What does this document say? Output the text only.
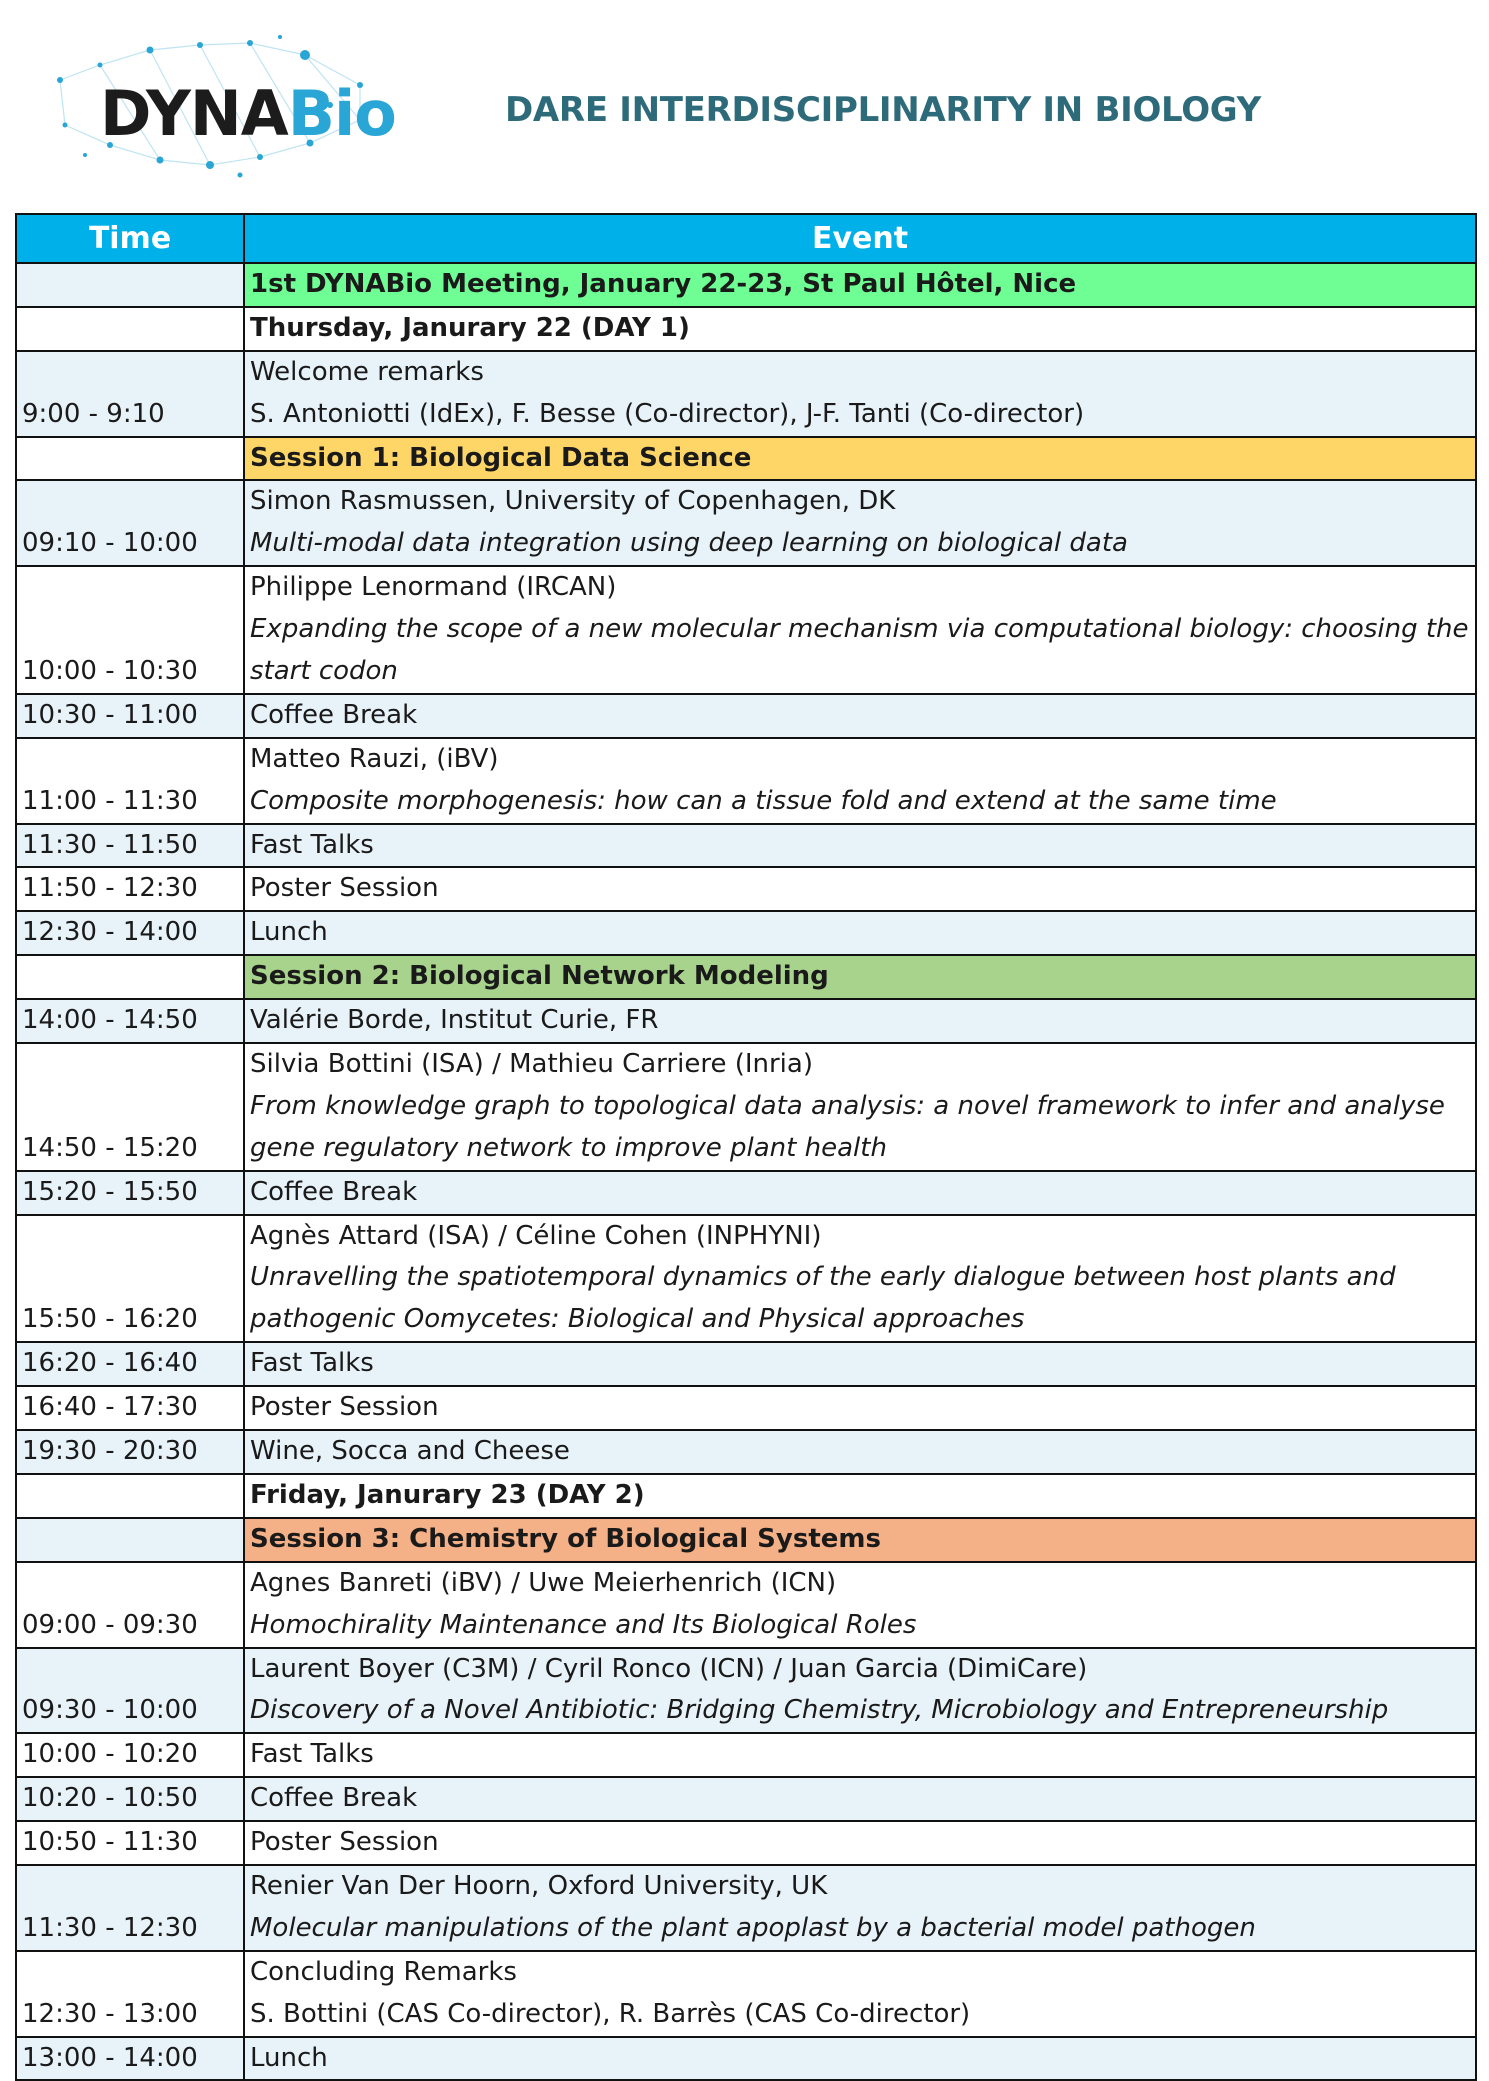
DYNABio	DARE INTERDISCIPLINARITY IN BIOLOGY
Time	Event

	1st DYNABio Meeting, January 22-23, St Paul Hôtel, Nice

	Thursday, Janurary 22 (DAY 1)

9:00 - 9:10	Welcome remarks
S. Antoniotti (IdEx), F. Besse (Co-director), J-F. Tanti (Co-director)

	Session 1: Biological Data Science

09:10 - 10:00	Simon Rasmussen, University of Copenhagen, DK
Multi-modal data integration using deep learning on biological data

10:00 - 10:30	Philippe Lenormand (IRCAN)
Expanding the scope of a new molecular mechanism via computational biology: choosing the
start codon

10:30 - 11:00	Coffee Break

11:00 - 11:30	Matteo Rauzi, (iBV)
Composite morphogenesis: how can a tissue fold and extend at the same time

11:30 - 11:50	Fast Talks

11:50 - 12:30	Poster Session

12:30 - 14:00	Lunch

	Session 2: Biological Network Modeling

14:00 - 14:50	Valérie Borde, Institut Curie, FR

14:50 - 15:20	Silvia Bottini (ISA) / Mathieu Carriere (Inria)
From knowledge graph to topological data analysis: a novel framework to infer and analyse
gene regulatory network to improve plant health

15:20 - 15:50	Coffee Break

15:50 - 16:20	Agnès Attard (ISA) / Céline Cohen (INPHYNI)
Unravelling the spatiotemporal dynamics of the early dialogue between host plants and
pathogenic Oomycetes: Biological and Physical approaches

16:20 - 16:40	Fast Talks

16:40 - 17:30	Poster Session

19:30 - 20:30	Wine, Socca and Cheese

	Friday, Janurary 23 (DAY 2)

	Session 3: Chemistry of Biological Systems

09:00 - 09:30	Agnes Banreti (iBV) / Uwe Meierhenrich (ICN)
Homochirality Maintenance and Its Biological Roles

09:30 - 10:00	Laurent Boyer (C3M) / Cyril Ronco (ICN) / Juan Garcia (DimiCare)
Discovery of a Novel Antibiotic: Bridging Chemistry, Microbiology and Entrepreneurship

10:00 - 10:20	Fast Talks

10:20 - 10:50	Coffee Break

10:50 - 11:30	Poster Session

11:30 - 12:30	Renier Van Der Hoorn, Oxford University, UK
Molecular manipulations of the plant apoplast by a bacterial model pathogen

12:30 - 13:00	Concluding Remarks
S. Bottini (CAS Co-director), R. Barrès (CAS Co-director)

13:00 - 14:00	Lunch
